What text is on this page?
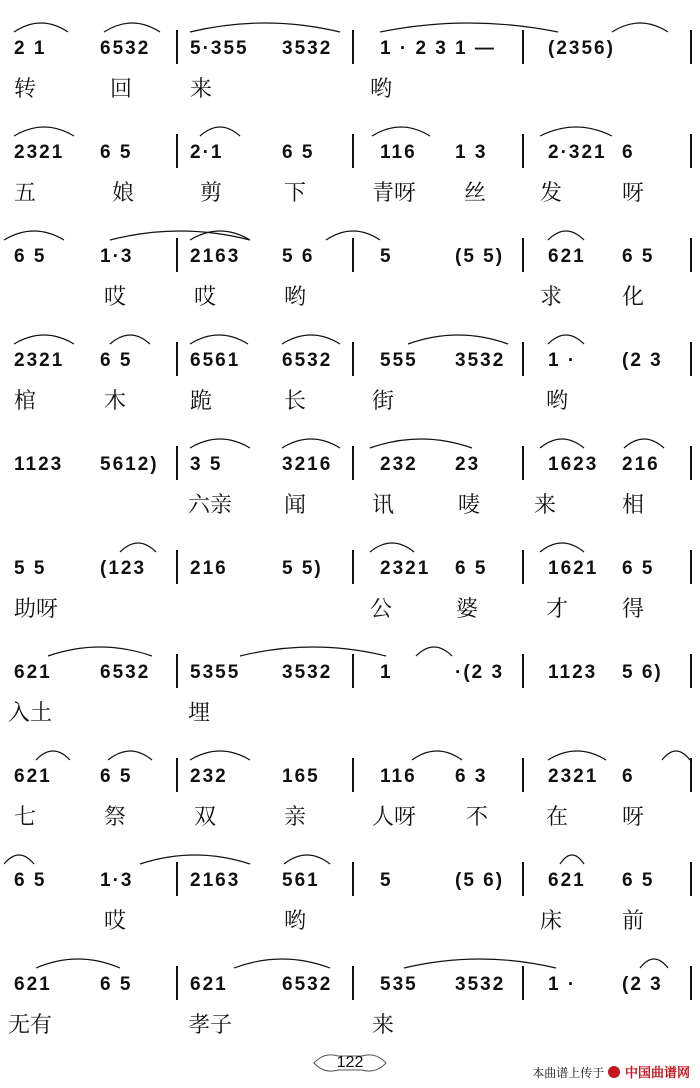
2 1	6532 5·355 3532	1 · 2 3 1 —	(2356)
转	回	来	哟
2321 6 5	2·1	6 5	116 1 3	2·321 6
五	娘	剪	下	青呀 丝 发	呀
6 5	1·3	2163 5 6	5	(5 5) 621 6 5
哎	哎	哟	求	化
2321 6 5	6561 6532	555 3532 1 · (2 3
棺	木	跪	长	街	哟
1123 5612) 3 5	3216	232 23	1623 216
六亲 闻	讯	唛 来	相
5 5	(123 216	5 5)	2321 6 5	1621 6 5
助呀	公	婆	才 得
621	6532 5355 3532	1	·(2 3 1123 5 6)
入土	埋
621	6 5	232	165	116 6 3	2321 6
七	祭	双	亲	人呀 不	在 呀
6 5	1·3	2163 561	5	(5 6) 621 6 5
哎	哟	床	前
621	6 5	621	6532	535 3532 1 · (2 3
无有	孝子	来
122
本曲谱上传于 中国曲谱网
